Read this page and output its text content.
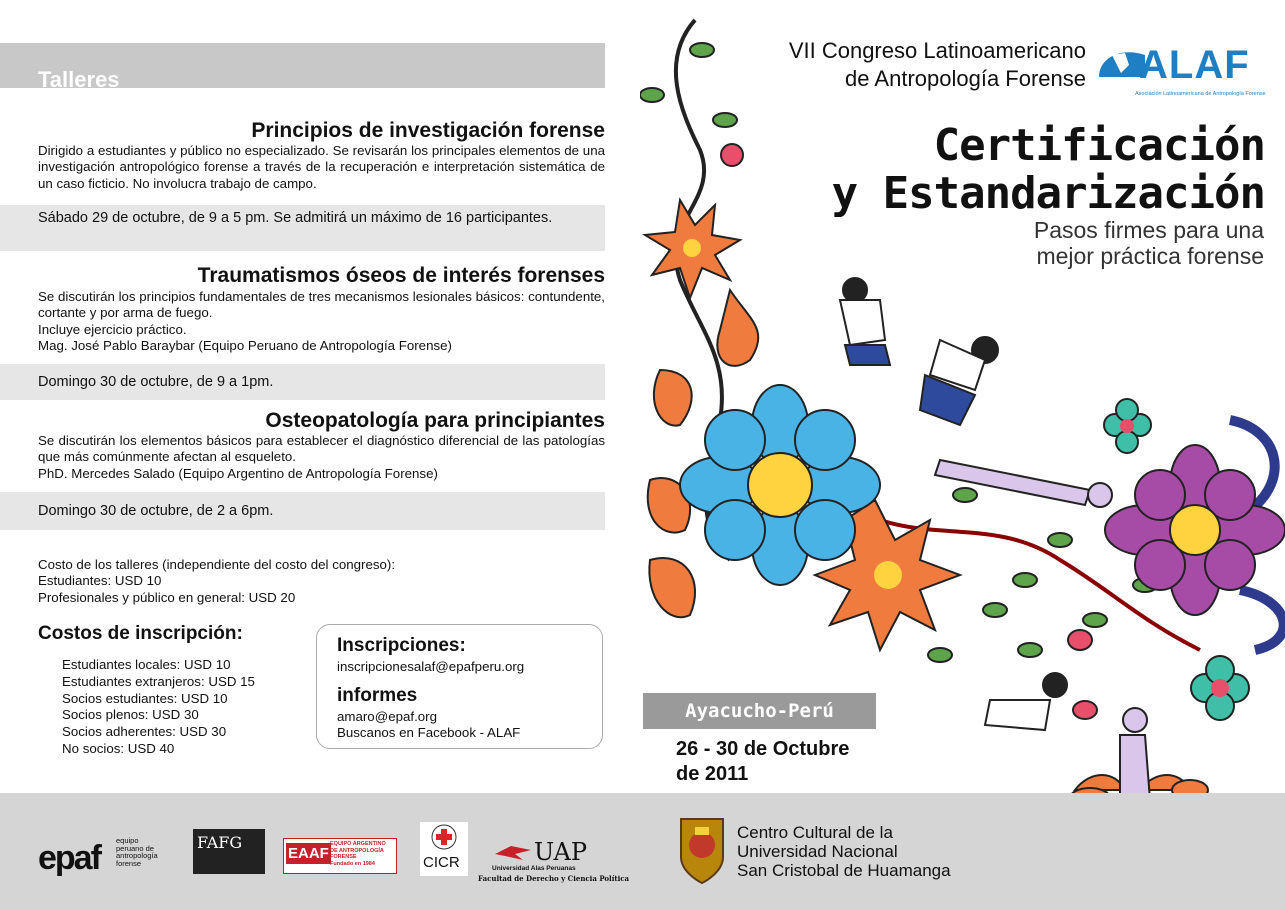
Talleres
Principios de investigación forense

Dirigido a estudiantes y público no especializado. Se revisarán los principales elementos de una investigación antropológico forense a través de la recuperación e interpretación sistemática de un caso ficticio. No involucra trabajo de campo.

Sábado 29 de octubre, de 9 a 5 pm. Se admitirá un máximo de 16 participantes.
Traumatismos óseos de interés forenses

Se discutirán los principios fundamentales de tres mecanismos lesionales básicos: contundente, cortante y por arma de fuego.

Incluye ejercicio práctico.

Mag. José Pablo Baraybar (Equipo Peruano de Antropología Forense)

Domingo 30 de octubre, de 9 a 1pm.
Osteopatología para principiantes

Se discutirán los elementos básicos para establecer el diagnóstico diferencial de las patologías que más comúnmente afectan al esqueleto.

PhD. Mercedes Salado (Equipo Argentino de Antropología Forense)

Domingo 30 de octubre, de 2 a 6pm.

Costo de los talleres (independiente del costo del congreso):

Estudiantes: USD 10

Profesionales y público en general: USD 20

Costos de inscripción:
Estudiantes locales: USD 10
Estudiantes extranjeros: USD 15
Socios estudiantes: USD 10
Socios plenos: USD 30
Socios adherentes: USD 30
No socios: USD 40
Inscripciones:
inscripcionesalaf@epafperu.org
informes
amaro@epaf.org
Buscanos en Facebook - ALAF
VII Congreso Latinoamericano
de Antropología Forense ALAF
Asociación Latinoamericana de Antropología Forense
Certificación
y Estandarización
Pasos firmes para una
mejor práctica forense
Ayacucho-Perú
26 - 30 de Octubre
de 2011
epaf equipo
peruano de
antropología
forense
FAFG
EAAF
EQUIPO ARGENTINO
DE ANTROPOLOGÍA
FORENSE
Fundado en 1984	CICR	UAP
Universidad Alas Peruanas
Facultad de Derecho y Ciencia Política
Centro Cultural de la
Universidad Nacional
San Cristobal de Huamanga
